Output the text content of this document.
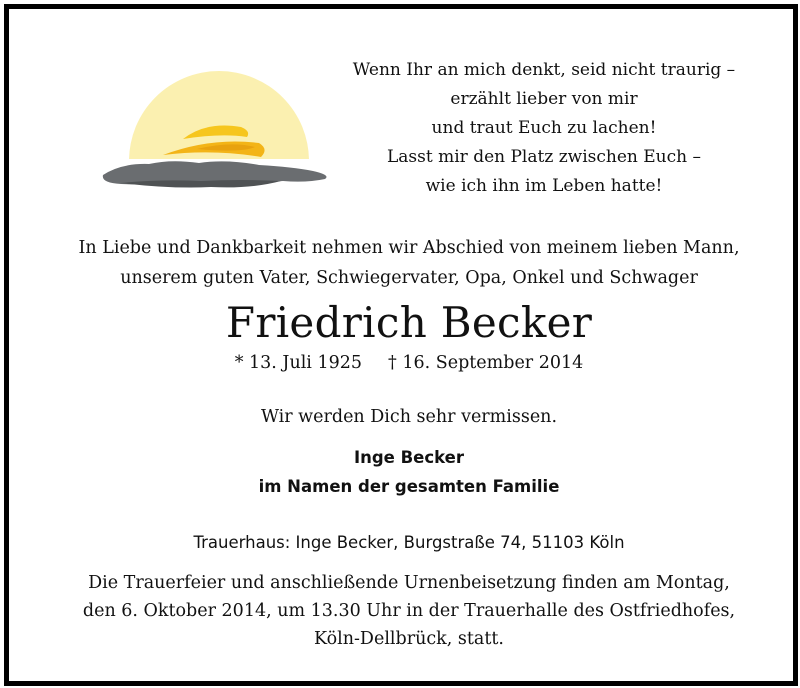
Wenn Ihr an mich denkt, seid nicht traurig –
erzählt lieber von mir
und traut Euch zu lachen!
Lasst mir den Platz zwischen Euch –
wie ich ihn im Leben hatte!
In Liebe und Dankbarkeit nehmen wir Abschied von meinem lieben Mann,
unserem guten Vater, Schwiegervater, Opa, Onkel und Schwager
Friedrich Becker
* 13. Juli 1925 † 16. September 2014
Wir werden Dich sehr vermissen.
Inge Becker
im Namen der gesamten Familie
Trauerhaus: Inge Becker, Burgstraße 74, 51103 Köln
Die Trauerfeier und anschließende Urnenbeisetzung finden am Montag,
den 6. Oktober 2014, um 13.30 Uhr in der Trauerhalle des Ostfriedhofes,
Köln-Dellbrück, statt.
